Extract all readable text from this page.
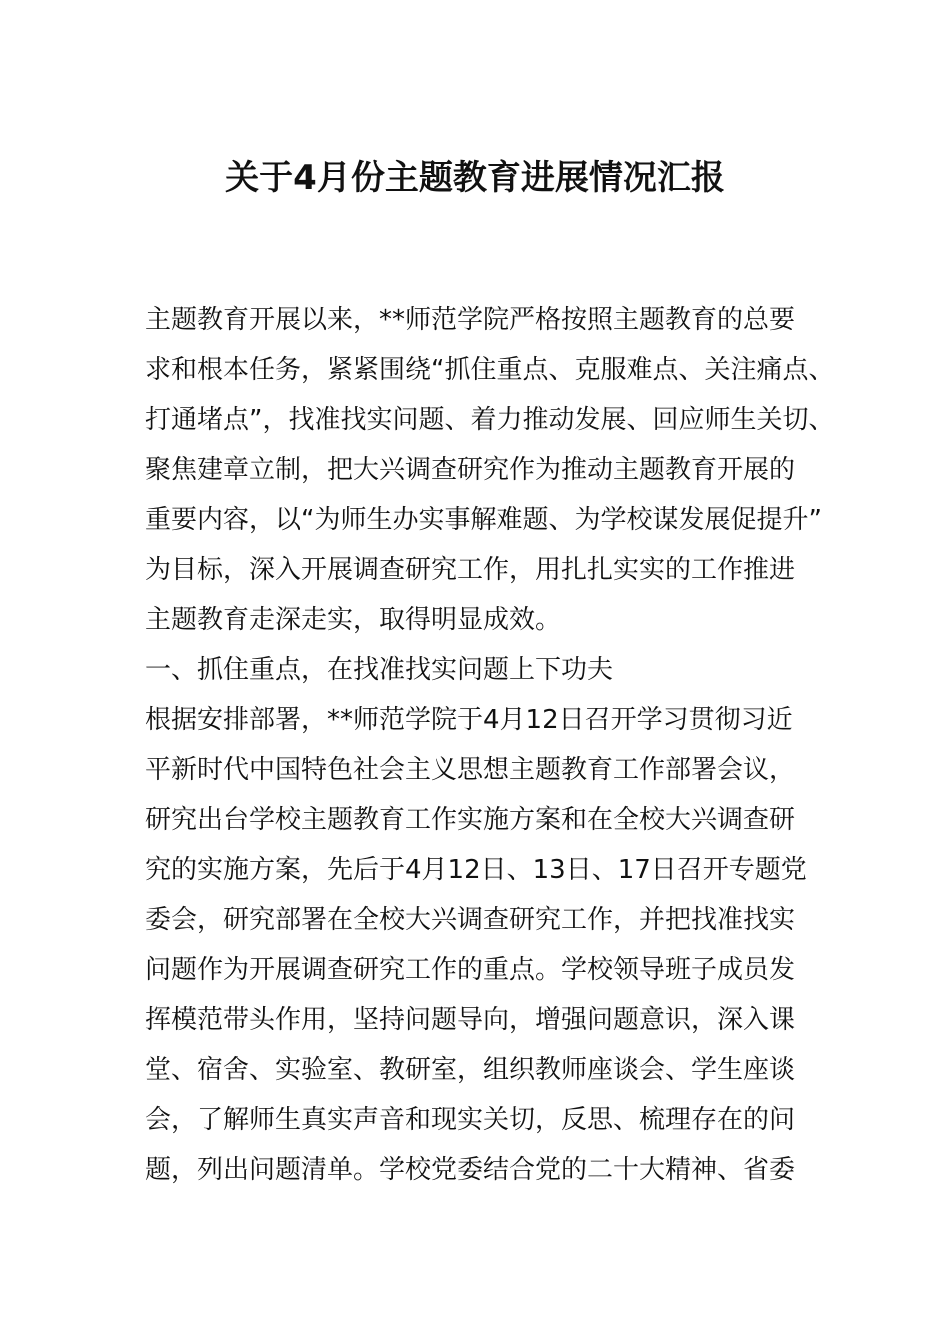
关于4月份主题教育进展情况汇报
主题教育开展以来，**师范学院严格按照主题教育的总要
求和根本任务，紧紧围绕“抓住重点、克服难点、关注痛点、
打通堵点”，找准找实问题、着力推动发展、回应师生关切、
聚焦建章立制，把大兴调查研究作为推动主题教育开展的
重要内容，以“为师生办实事解难题、为学校谋发展促提升”
为目标，深入开展调查研究工作，用扎扎实实的工作推进
主题教育走深走实，取得明显成效。
一、抓住重点，在找准找实问题上下功夫
根据安排部署，**师范学院于4月12日召开学习贯彻习近
平新时代中国特色社会主义思想主题教育工作部署会议，
研究出台学校主题教育工作实施方案和在全校大兴调查研
究的实施方案，先后于4月12日、13日、17日召开专题党
委会，研究部署在全校大兴调查研究工作，并把找准找实
问题作为开展调查研究工作的重点。学校领导班子成员发
挥模范带头作用，坚持问题导向，增强问题意识，深入课
堂、宿舍、实验室、教研室，组织教师座谈会、学生座谈
会，了解师生真实声音和现实关切，反思、梳理存在的问
题，列出问题清单。学校党委结合党的二十大精神、省委
